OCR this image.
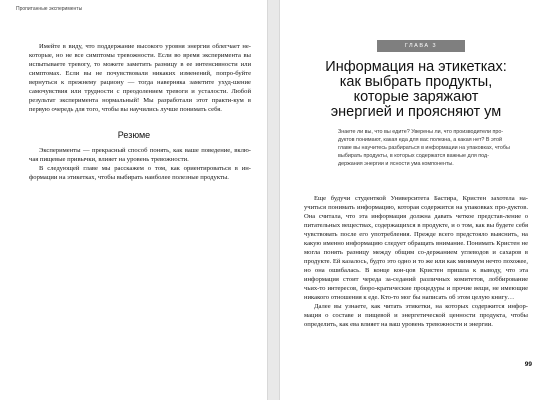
Пропитанные эксперименты

Имейте в виду, что поддержание высокого уровня энергии облегчает не-которые, но не все симптомы тревожности. Если во время эксперимента вы испытываете тревогу, то можете заметить разницу в ее интенсивности или симптомах. Если вы не почувствовали никаких изменений, попро-буйте вернуться к прежнему рациону — тогда наверняка заметите ухуд-шение самочувствия или трудности с преодолением тревоги и усталости. Любой результат эксперимента нормальный! Мы разработали этот практи-кум в первую очередь для того, чтобы вы научились лучше понимать себя.

Резюме

Эксперименты — прекрасный способ понять, как ваше поведение, вклю-чая пищевые привычки, влияет на уровень тревожности.

В следующей главе мы расскажем о том, как ориентироваться в ин-формации на этикетках, чтобы выбирать наиболее полезные продукты.

ГЛАВА 3
Информация на этикетках:
как выбрать продукты,
которые заряжают
энергией и проясняют ум
Знаете ли вы, что вы едите? Уверены ли, что производители про-дуктов понимают, какая еда для вас полезна, а какая нет? В этой главе вы научитесь разбираться в информации на упаковках, чтобы выбирать продукты, в которых содержатся важные для под-держания энергии и ясности ума компоненты.

Еще будучи студенткой Университета Бастира, Кристен захотела на-учиться понимать информацию, которая содержится на упаковках про-дуктов. Она считала, что эта информация должна давать четкое представ-ление о питательных веществах, содержащихся в продукте, и о том, как вы будете себя чувствовать после его употребления. Прежде всего предстояло выяснить, на какую именно информацию следует обращать внимание. Понимать Кристен не могла понять разницу между общим со-держанием углеводов и сахаров в продукте. Ей казалось, будто это одно и то же или как минимум нечто похожее, но она ошибалась. В конце кон-цов Кристен пришла к выводу, что эта информация стоит череда за-седаний различных комитетов, лоббирование чьих-то интересов, бюро-кратические процедуры и прочие вещи, не имеющие никакого отношения к еде. Кто-то мог бы написать об этом целую книгу…

Далее вы узнаете, как читать этикетки, на которых содержится инфор-мация о составе и пищевой и энергетической ценности продукта, чтобы определить, как ева влияет на ваш уровень тревожности и энергии.

99
